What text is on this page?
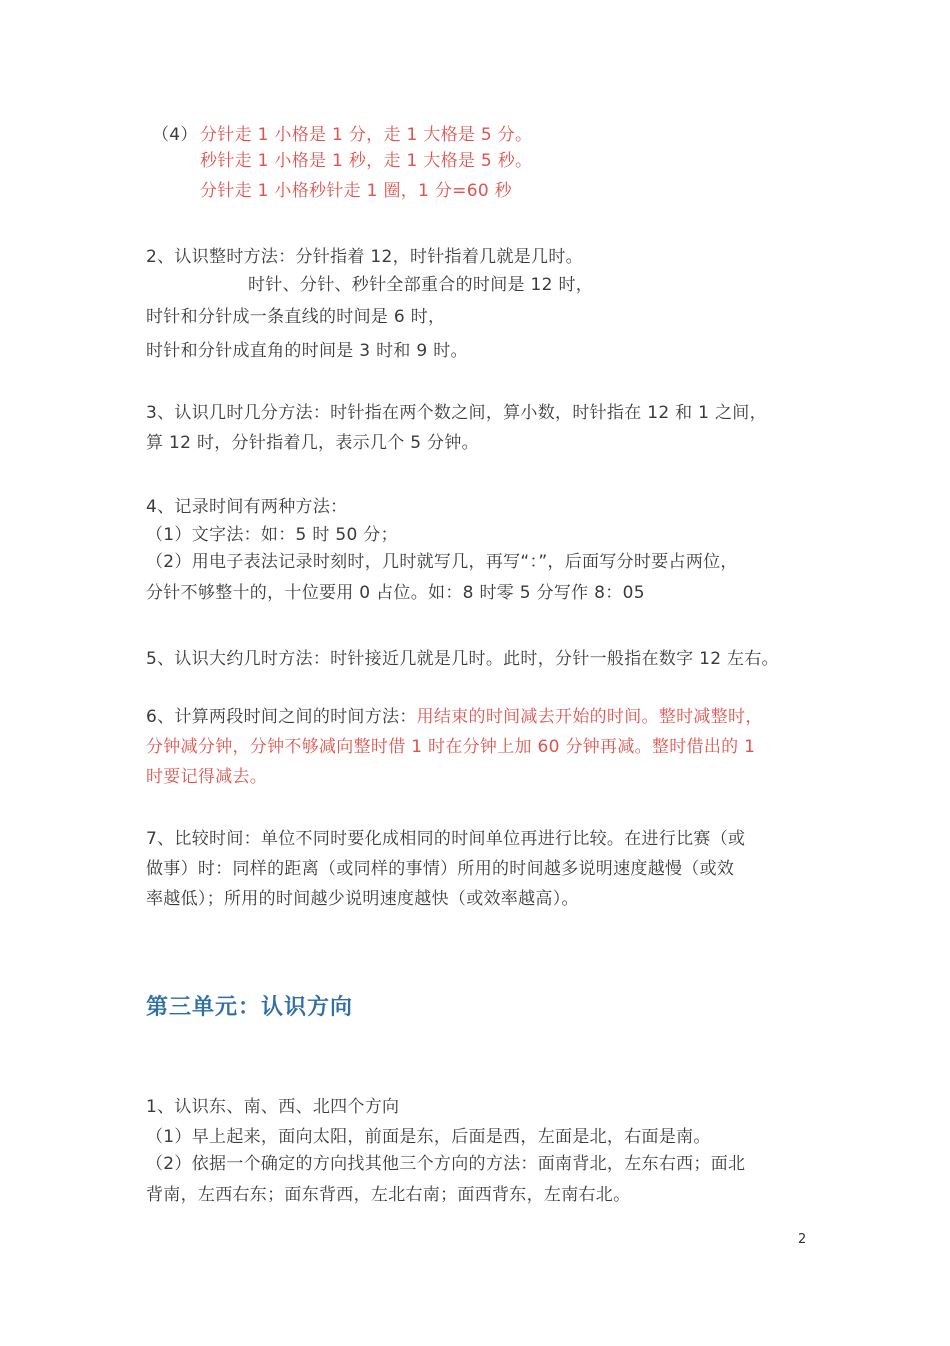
（4） 分针走 1 小格是 1 分，走 1 大格是 5 分。
秒针走 1 小格是 1 秒，走 1 大格是 5 秒。
分针走 1 小格秒针走 1 圈，1 分=60 秒
2、认识整时方法：分针指着 12，时针指着几就是几时。
时针、分针、秒针全部重合的时间是 12 时，
时针和分针成一条直线的时间是 6 时，
时针和分针成直角的时间是 3 时和 9 时。
3、认识几时几分方法：时针指在两个数之间，算小数，时针指在 12 和 1 之间，
算 12 时，分针指着几，表示几个 5 分钟。
4、记录时间有两种方法：
（1）文字法：如：5 时 50 分；
（2）用电子表法记录时刻时，几时就写几，再写“：”，后面写分时要占两位，
分针不够整十的，十位要用 0 占位。如：8 时零 5 分写作 8：05
5、认识大约几时方法：时针接近几就是几时。此时，分针一般指在数字 12 左右。
6、计算两段时间之间的时间方法：用结束的时间减去开始的时间。整时减整时，
分钟减分钟，分钟不够减向整时借 1 时在分钟上加 60 分钟再减。整时借出的 1
时要记得减去。
7、比较时间：单位不同时要化成相同的时间单位再进行比较。在进行比赛（或
做事）时：同样的距离（或同样的事情）所用的时间越多说明速度越慢（或效
率越低）；所用的时间越少说明速度越快（或效率越高）。
第三单元：认识方向
1、认识东、南、西、北四个方向
（1）早上起来，面向太阳，前面是东，后面是西，左面是北，右面是南。
（2）依据一个确定的方向找其他三个方向的方法：面南背北，左东右西；面北
背南，左西右东；面东背西，左北右南；面西背东，左南右北。
2
